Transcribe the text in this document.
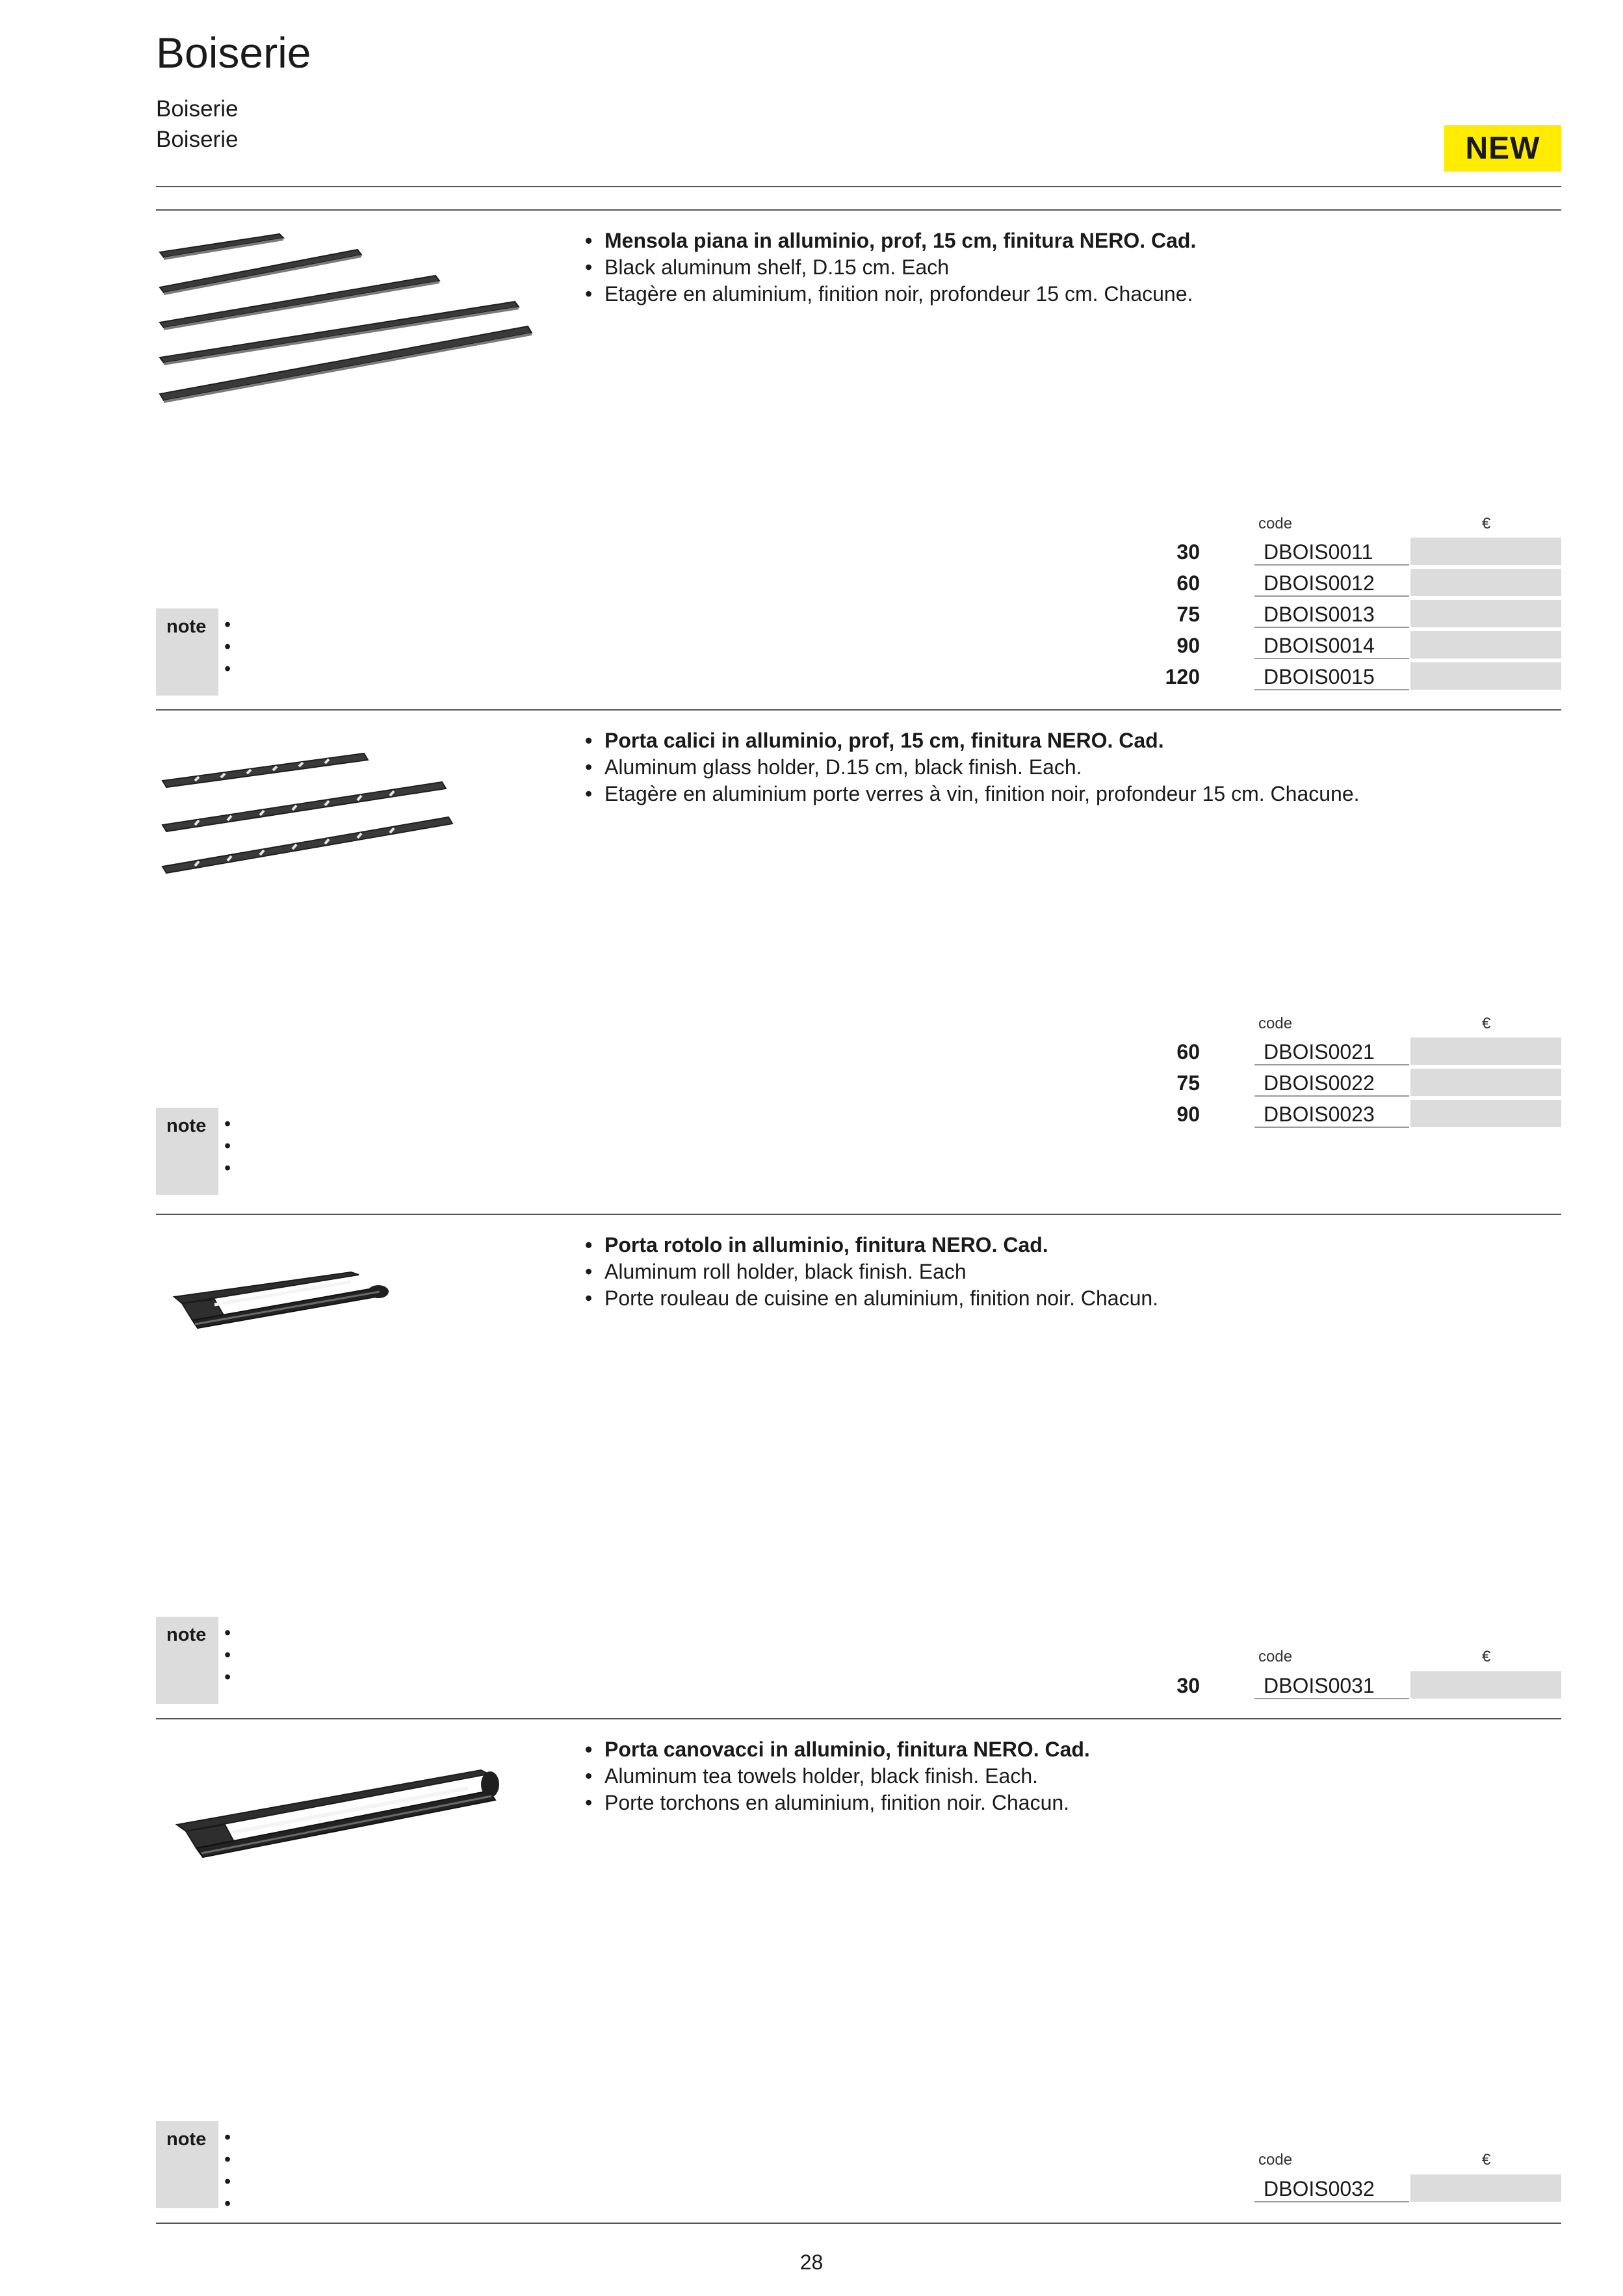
Boiserie
Boiserie
Boiserie	NEW
• Mensola piana in alluminio, prof, 15 cm, finitura NERO. Cad.
• Black aluminum shelf, D.15 cm. Each
• Etagère en aluminium, finition noir, profondeur 15 cm. Chacune.
code	€
30	DBOIS0011
60	DBOIS0012
75	DBOIS0013
90	DBOIS0014
120	DBOIS0015
note •
•
•
• Porta calici in alluminio, prof, 15 cm, finitura NERO. Cad.
• Aluminum glass holder, D.15 cm, black finish. Each.
• Etagère en aluminium porte verres à vin, finition noir, profondeur 15 cm. Chacune.
code	€
60	DBOIS0021
75	DBOIS0022
90	DBOIS0023
note •
•
•
• Porta rotolo in alluminio, finitura NERO. Cad.
• Aluminum roll holder, black finish. Each
• Porte rouleau de cuisine en aluminium, finition noir. Chacun.
note •
•
•
code	€
30	DBOIS0031
• Porta canovacci in alluminio, finitura NERO. Cad.
• Aluminum tea towels holder, black finish. Each.
• Porte torchons en aluminium, finition noir. Chacun.
note •
•
•
•
code	€
DBOIS0032
28
